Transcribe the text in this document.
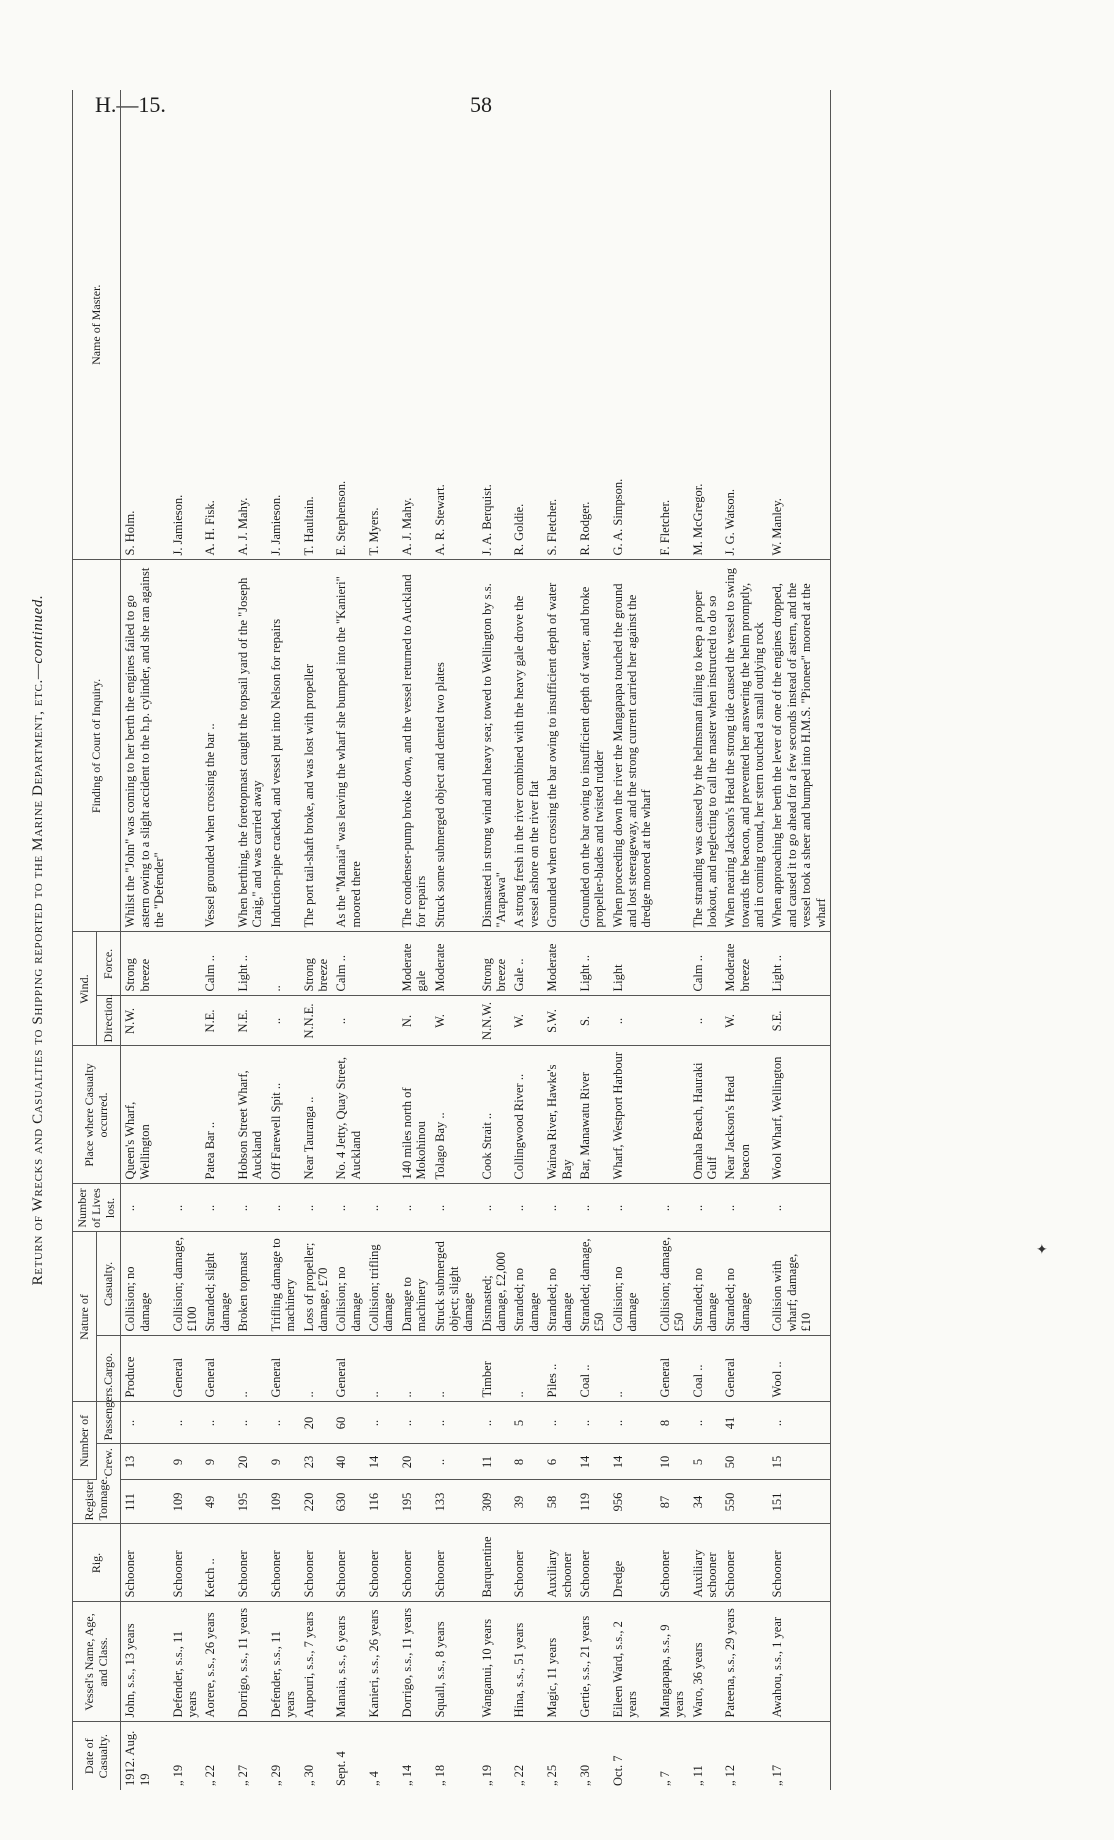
H.—15.	58
Return of Wrecks and Casualties to Shipping reported to the Marine Department, etc.—continued.
Date of Casualty.	Vessel's Name, Age, and Class.	Rig.	Register Tonnage.	Number of		Nature of		Number of Lives lost.	Place where Casualty occurred.	Wind.		Finding of Court of Inquiry.	Name of Master.
				Crew.	Passengers.	Cargo.	Casualty.			Direction.	Force.		
1912. Aug. 19	John, s.s., 13 years	Schooner	111	13	..	Produce	Collision; no damage	..	Queen's Wharf, Wellington	N.W.	Strong breeze	Whilst the "John" was coming to her berth the engines failed to go astern owing to a slight accident to the h.p. cylinder, and she ran against the "Defender"	S. Holm.
„ 19	Defender, s.s., 11 years	Schooner	109	9	..	General	Collision; damage, £100	..					J. Jamieson.
„ 22	Aorere, s.s., 26 years	Ketch ..	49	9	..	General	Stranded; slight damage	..	Patea Bar ..	N.E.	Calm ..	Vessel grounded when crossing the bar ..	A. H. Fisk.
„ 27	Dorrigo, s.s., 11 years	Schooner	195	20	..	..	Broken topmast	..	Hobson Street Wharf, Auckland	N.E.	Light ..	When berthing, the foretopmast caught the topsail yard of the "Joseph Craig," and was carried away	A. J. Mahy.
„ 29	Defender, s.s., 11 years	Schooner	109	9	..	General	Trifling damage to machinery	..	Off Farewell Spit ..	..	..	Induction-pipe cracked, and vessel put into Nelson for repairs	J. Jamieson.
„ 30	Aupouri, s.s., 7 years	Schooner	220	23	20	..	Loss of propeller; damage, £70	..	Near Tauranga ..	N.N.E.	Strong breeze	The port tail-shaft broke, and was lost with propeller	T. Haultain.
Sept. 4	Manaia, s.s., 6 years	Schooner	630	40	60	General	Collision; no damage	..	No. 4 Jetty, Quay Street, Auckland	..	Calm ..	As the "Manaia" was leaving the wharf she bumped into the "Kanieri" moored there	E. Stephenson.
„ 4	Kanieri, s.s., 26 years	Schooner	116	14	..	..	Collision; trifling damage	..					T. Myers.
„ 14	Dorrigo, s.s., 11 years	Schooner	195	20	..	..	Damage to machinery	..	140 miles north of Mokohinou	N.	Moderate gale	The condenser-pump broke down, and the vessel returned to Auckland for repairs	A. J. Mahy.
„ 18	Squall, s.s., 8 years	Schooner	133	..	..	..	Struck submerged object; slight damage	..	Tolago Bay ..	W.	Moderate	Struck some submerged object and dented two plates	A. R. Stewart.
„ 19	Wanganui, 10 years	Barquentine	309	11	..	Timber	Dismasted; damage, £2,000	..	Cook Strait ..	N.N.W.	Strong breeze	Dismasted in strong wind and heavy sea; towed to Wellington by s.s. "Arapawa"	J. A. Berquist.
„ 22	Hina, s.s., 51 years	Schooner	39	8	5	..	Stranded; no damage	..	Collingwood River ..	W.	Gale ..	A strong fresh in the river combined with the heavy gale drove the vessel ashore on the river flat	R. Goldie.
„ 25	Magic, 11 years	Auxiliary schooner	58	6	..	Piles ..	Stranded; no damage	..	Wairoa River, Hawke's Bay	S.W.	Moderate	Grounded when crossing the bar owing to insufficient depth of water	S. Fletcher.
„ 30	Gertie, s.s., 21 years	Schooner	119	14	..	Coal ..	Stranded; damage, £50	..	Bar, Manawatu River	S.	Light ..	Grounded on the bar owing to insufficient depth of water, and broke propeller-blades and twisted rudder	R. Rodger.
Oct. 7	Eileen Ward, s.s., 2 years	Dredge	956	14	..	..	Collision; no damage	..	Wharf, Westport Harbour	..	Light	When proceeding down the river the Mangapapa touched the ground and lost steerageway, and the strong current carried her against the dredge moored at the wharf	G. A. Simpson.
„ 7	Mangapapa, s.s., 9 years	Schooner	87	10	8	General	Collision; damage, £50	..					F. Fletcher.
„ 11	Waro, 36 years	Auxiliary schooner	34	5	..	Coal ..	Stranded; no damage	..	Omaha Beach, Hauraki Gulf	..	Calm ..	The stranding was caused by the helmsman failing to keep a proper lookout, and neglecting to call the master when instructed to do so	M. McGregor.
„ 12	Pateena, s.s., 29 years	Schooner	550	50	41	General	Stranded; no damage	..	Near Jackson's Head beacon	W.	Moderate breeze	When nearing Jackson's Head the strong tide caused the vessel to swing towards the beacon, and prevented her answering the helm promptly, and in coming round, her stern touched a small outlying rock	J. G. Watson.
„ 17	Awahou, s.s., 1 year	Schooner	151	15	..	Wool ..	Collision with wharf; damage, £10	..	Wool Wharf, Wellington	S.E.	Light ..	When approaching her berth the lever of one of the engines dropped, and caused it to go ahead for a few seconds instead of astern, and the vessel took a sheer and bumped into H.M.S. "Pioneer" moored at the wharf	W. Manley.
✦
